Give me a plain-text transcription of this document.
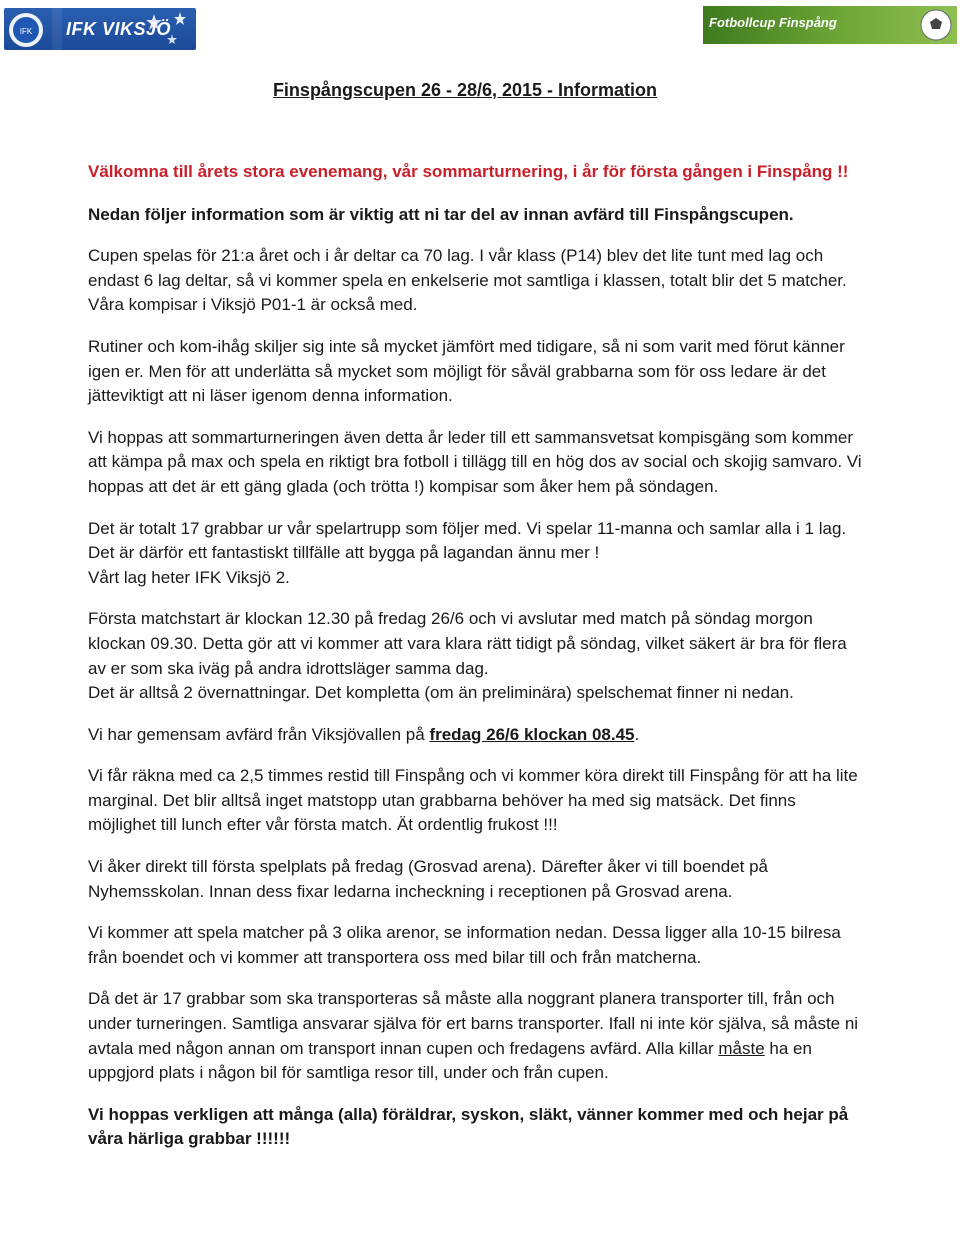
IFK IFK VIKSJÖ	Fotbollcup Finspång
Finspångscupen 26 - 28/6, 2015 - Information

Välkomna till årets stora evenemang, vår sommarturnering, i år för första gången i Finspång !!

Nedan följer information som är viktig att ni tar del av innan avfärd till Finspångscupen.

Cupen spelas för 21:a året och i år deltar ca 70 lag. I vår klass (P14) blev det lite tunt med lag och endast 6 lag deltar, så vi kommer spela en enkelserie mot samtliga i klassen, totalt blir det 5 matcher. Våra kompisar i Viksjö P01-1 är också med.

Rutiner och kom-ihåg skiljer sig inte så mycket jämfört med tidigare, så ni som varit med förut känner igen er. Men för att underlätta så mycket som möjligt för såväl grabbarna som för oss ledare är det jätteviktigt att ni läser igenom denna information.

Vi hoppas att sommarturneringen även detta år leder till ett sammansvetsat kompisgäng som kommer att kämpa på max och spela en riktigt bra fotboll i tillägg till en hög dos av social och skojig samvaro. Vi hoppas att det är ett gäng glada (och trötta !) kompisar som åker hem på söndagen.

Det är totalt 17 grabbar ur vår spelartrupp som följer med. Vi spelar 11-manna och samlar alla i 1 lag. Det är därför ett fantastiskt tillfälle att bygga på lagandan ännu mer !

Vårt lag heter IFK Viksjö 2.

Första matchstart är klockan 12.30 på fredag 26/6 och vi avslutar med match på söndag morgon klockan 09.30. Detta gör att vi kommer att vara klara rätt tidigt på söndag, vilket säkert är bra för flera av er som ska iväg på andra idrottsläger samma dag.

Det är alltså 2 övernattningar. Det kompletta (om än preliminära) spelschemat finner ni nedan.

Vi har gemensam avfärd från Viksjövallen på fredag 26/6 klockan 08.45.

Vi får räkna med ca 2,5 timmes restid till Finspång och vi kommer köra direkt till Finspång för att ha lite marginal. Det blir alltså inget matstopp utan grabbarna behöver ha med sig matsäck. Det finns möjlighet till lunch efter vår första match. Ät ordentlig frukost !!!

Vi åker direkt till första spelplats på fredag (Grosvad arena). Därefter åker vi till boendet på Nyhemsskolan. Innan dess fixar ledarna incheckning i receptionen på Grosvad arena.

Vi kommer att spela matcher på 3 olika arenor, se information nedan. Dessa ligger alla 10-15 bilresa från boendet och vi kommer att transportera oss med bilar till och från matcherna.

Då det är 17 grabbar som ska transporteras så måste alla noggrant planera transporter till, från och under turneringen. Samtliga ansvarar själva för ert barns transporter. Ifall ni inte kör själva, så måste ni avtala med någon annan om transport innan cupen och fredagens avfärd. Alla killar måste ha en uppgjord plats i någon bil för samtliga resor till, under och från cupen.

Vi hoppas verkligen att många (alla) föräldrar, syskon, släkt, vänner kommer med och hejar på våra härliga grabbar !!!!!!
